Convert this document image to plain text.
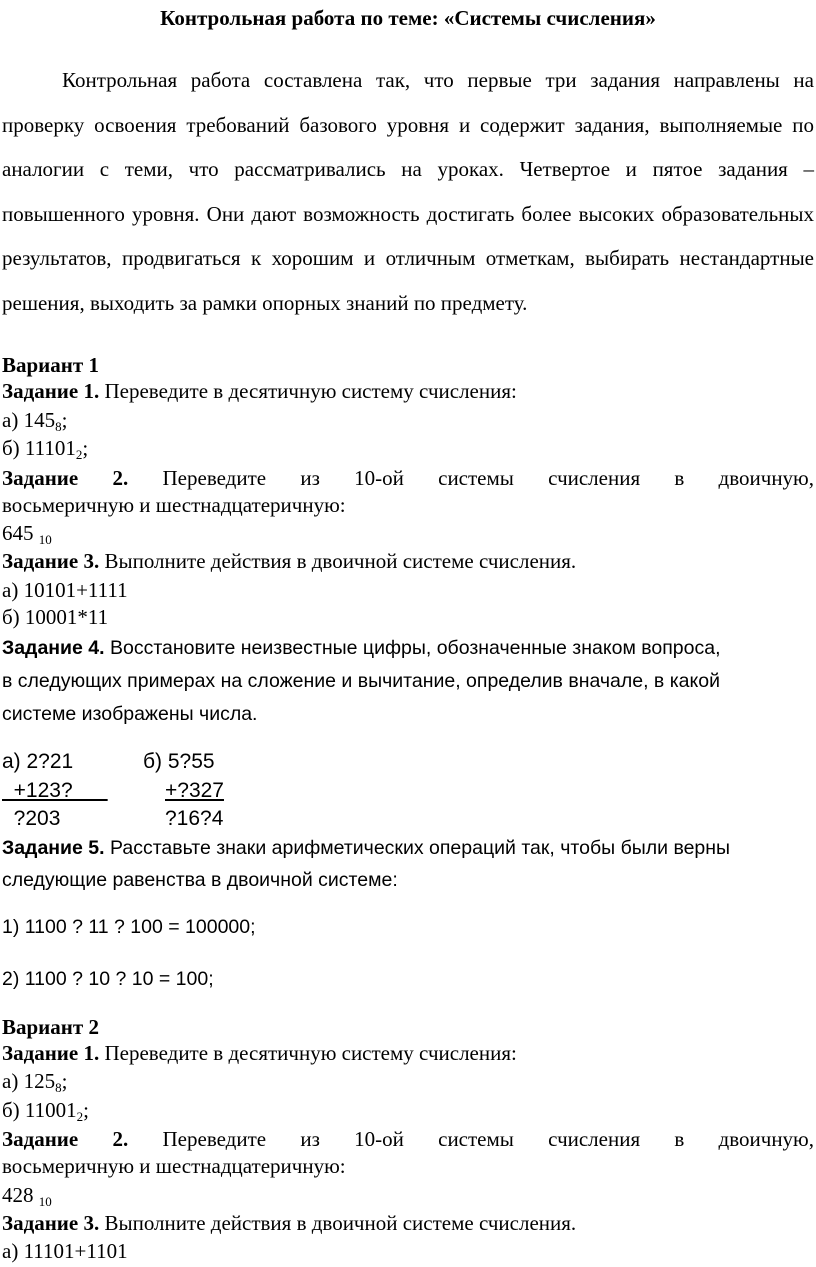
Контрольная работа по теме: «Системы счисления»

Контрольная работа составлена так, что первые три задания направлены на проверку освоения требований базового уровня и содержит задания, выполняемые по аналогии с теми, что рассматривались на уроках. Четвертое и пятое задания – повышенного уровня. Они дают возможность достигать более высоких образовательных результатов, продвигаться к хорошим и отличным отметкам, выбирать нестандартные решения, выходить за рамки опорных знаний по предмету.

Вариант 1
Задание 1. Переведите в десятичную систему счисления:
а) $145_8$;
б) $11101_2$;
Задание 2. Переведите из 10-ой системы счисления в двоичную,
восьмеричную и шестнадцатеричную:
645 $_{10}$
Задание 3. Выполните действия в двоичной системе счисления.
а) 10101+1111
б) 10001*11
Задание 4. Восстановите неизвестные цифры, обозначенные знаком вопроса,
в следующих примерах на сложение и вычитание, определив вначале, в какой
системе изображены числа.
а) 2?21
+123?
?203
б) 5?55
+?327
?16?4
Задание 5. Расставьте знаки арифметических операций так, чтобы были верны
следующие равенства в двоичной системе:
1) 1100 ? 11 ? 100 = 100000;
2) 1100 ? 10 ? 10 = 100;
Вариант 2
Задание 1. Переведите в десятичную систему счисления:
а) $125_8$;
б) $11001_2$;
Задание 2. Переведите из 10-ой системы счисления в двоичную,
восьмеричную и шестнадцатеричную:
428 $_{10}$
Задание 3. Выполните действия в двоичной системе счисления.
а) 11101+1101
